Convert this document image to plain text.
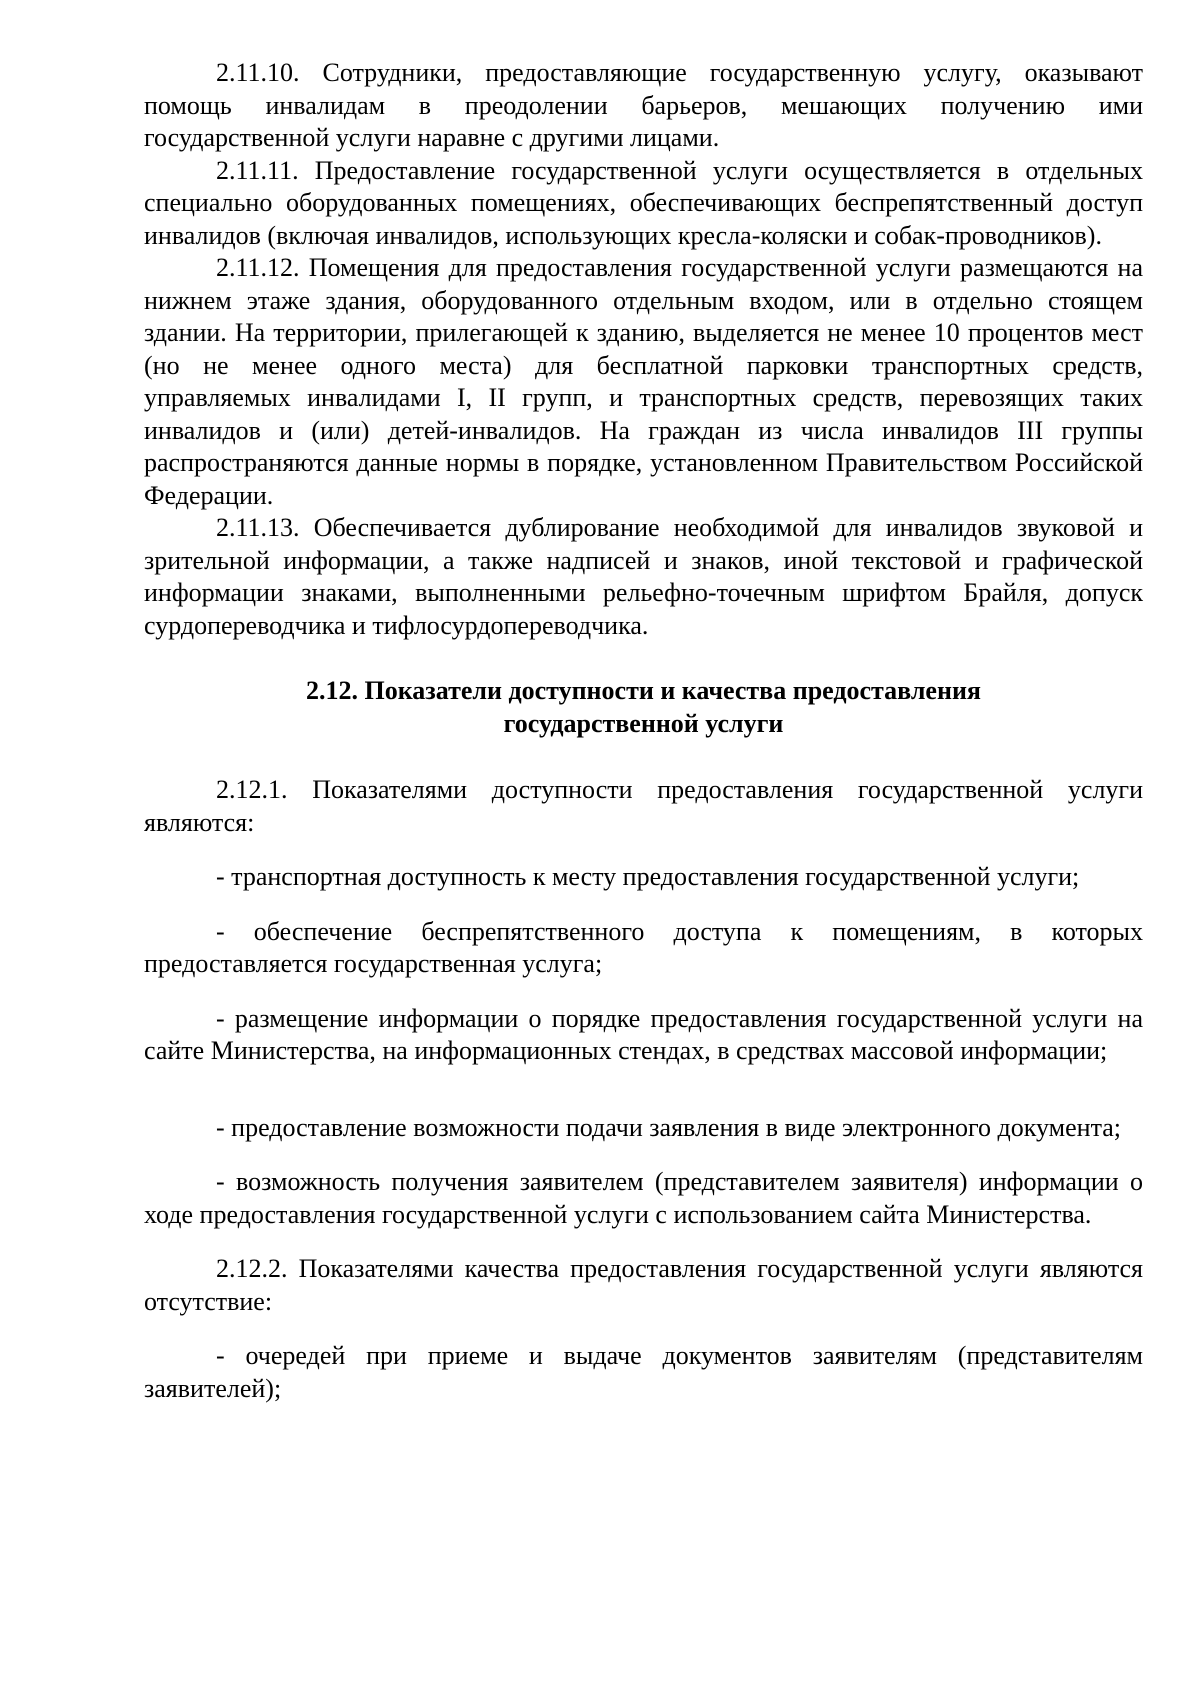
2.11.10. Сотрудники, предоставляющие государственную услугу, оказывают помощь инвалидам в преодолении барьеров, мешающих получению ими государственной услуги наравне с другими лицами.

2.11.11. Предоставление государственной услуги осуществляется в отдельных специально оборудованных помещениях, обеспечивающих беспрепятственный доступ инвалидов (включая инвалидов, использующих кресла-коляски и собак-проводников).

2.11.12. Помещения для предоставления государственной услуги размещаются на нижнем этаже здания, оборудованного отдельным входом, или в отдельно стоящем здании. На территории, прилегающей к зданию, выделяется не менее 10 процентов мест (но не менее одного места) для бесплатной парковки транспортных средств, управляемых инвалидами I, II групп, и транспортных средств, перевозящих таких инвалидов и (или) детей-инвалидов. На граждан из числа инвалидов III группы распространяются данные нормы в порядке, установленном Правительством Российской Федерации.

2.11.13. Обеспечивается дублирование необходимой для инвалидов звуковой и зрительной информации, а также надписей и знаков, иной текстовой и графической информации знаками, выполненными рельефно-точечным шрифтом Брайля, допуск сурдопереводчика и тифлосурдопереводчика.

2.12. Показатели доступности и качества предоставления
государственной услуги

2.12.1. Показателями доступности предоставления государственной услуги являются:

- транспортная доступность к месту предоставления государственной услуги;

- обеспечение беспрепятственного доступа к помещениям, в которых предоставляется государственная услуга;

- размещение информации о порядке предоставления государственной услуги на сайте Министерства, на информационных стендах, в средствах массовой информации;

- предоставление возможности подачи заявления в виде электронного документа;

- возможность получения заявителем (представителем заявителя) информации о ходе предоставления государственной услуги с использованием сайта Министерства.

2.12.2. Показателями качества предоставления государственной услуги являются отсутствие:

- очередей при приеме и выдаче документов заявителям (представителям заявителей);
